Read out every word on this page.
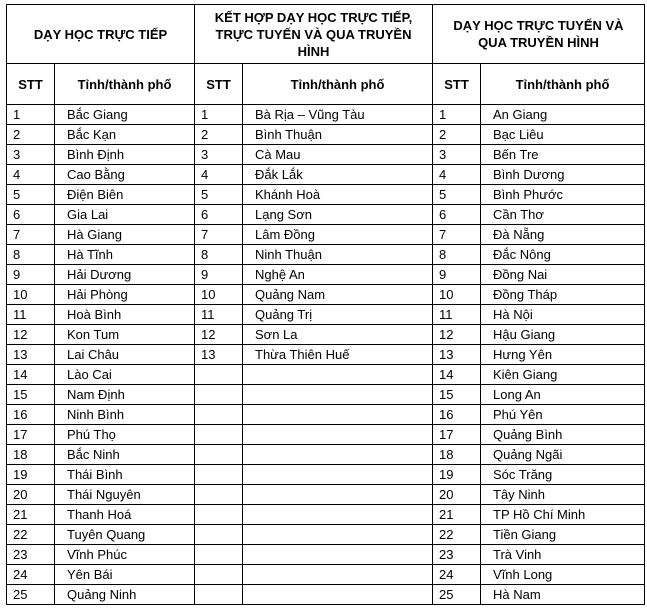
DẠY HỌC TRỰC TIẾP		KẾT HỢP DẠY HỌC TRỰC TIẾP, TRỰC TUYẾN VÀ QUA TRUYỀN HÌNH		DẠY HỌC TRỰC TUYẾN VÀ QUA TRUYỀN HÌNH	
STT	Tỉnh/thành phố	STT	Tỉnh/thành phố	STT	Tỉnh/thành phố
1	Bắc Giang	1	Bà Rịa – Vũng Tàu	1	An Giang
2	Bắc Kạn	2	Bình Thuận	2	Bạc Liêu
3	Bình Định	3	Cà Mau	3	Bến Tre
4	Cao Bằng	4	Đắk Lắk	4	Bình Dương
5	Điện Biên	5	Khánh Hoà	5	Bình Phước
6	Gia Lai	6	Lạng Sơn	6	Cần Thơ
7	Hà Giang	7	Lâm Đồng	7	Đà Nẵng
8	Hà Tĩnh	8	Ninh Thuận	8	Đắc Nông
9	Hải Dương	9	Nghệ An	9	Đồng Nai
10	Hải Phòng	10	Quảng Nam	10	Đồng Tháp
11	Hoà Bình	11	Quảng Trị	11	Hà Nội
12	Kon Tum	12	Sơn La	12	Hậu Giang
13	Lai Châu	13	Thừa Thiên Huế	13	Hưng Yên
14	Lào Cai			14	Kiên Giang
15	Nam Định			15	Long An
16	Ninh Bình			16	Phú Yên
17	Phú Thọ			17	Quảng Bình
18	Bắc Ninh			18	Quảng Ngãi
19	Thái Bình			19	Sóc Trăng
20	Thái Nguyên			20	Tây Ninh
21	Thanh Hoá			21	TP Hồ Chí Minh
22	Tuyên Quang			22	Tiền Giang
23	Vĩnh Phúc			23	Trà Vinh
24	Yên Bái			24	Vĩnh Long
25	Quảng Ninh			25	Hà Nam
